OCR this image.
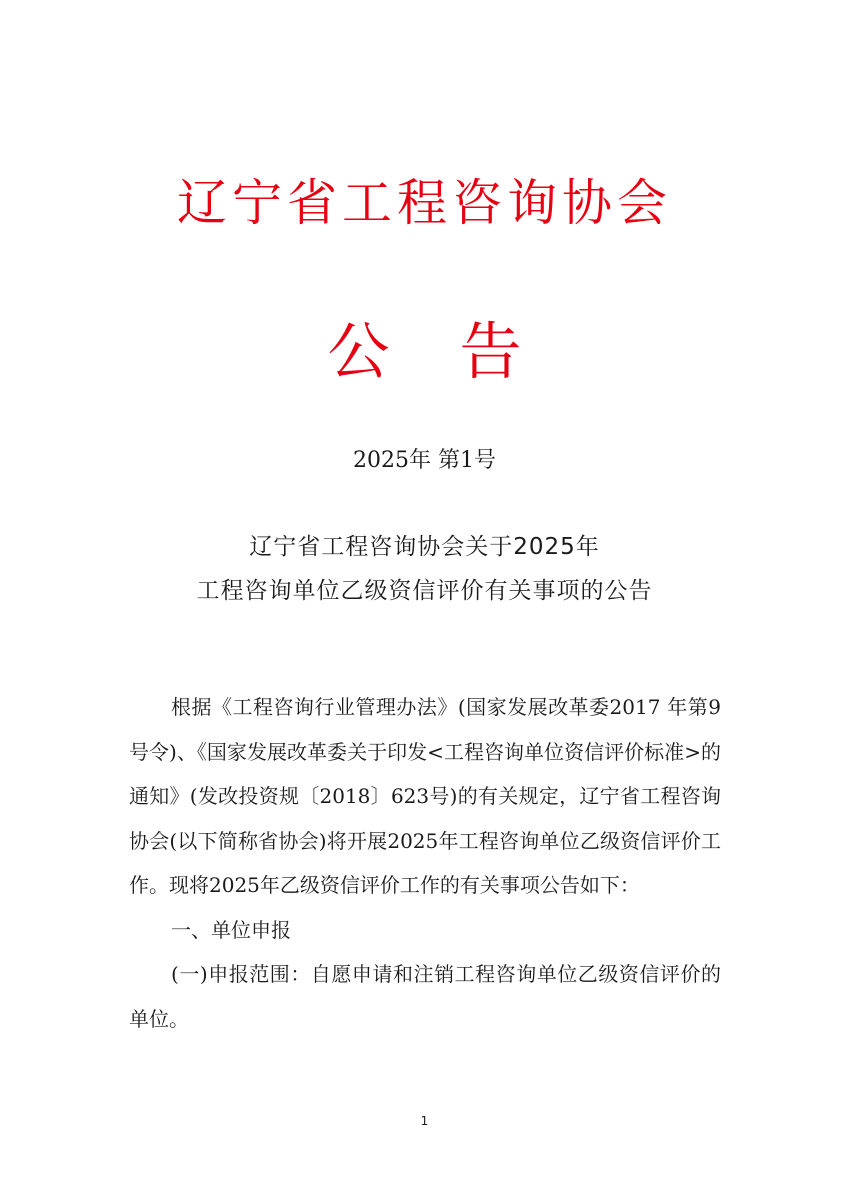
辽宁省工程咨询协会
公告
2025年 第1号
辽宁省工程咨询协会关于2025年
工程咨询单位乙级资信评价有关事项的公告

根据《工程咨询行业管理办法》(国家发展改革委2017 年第9 号令)、《国家发展改革委关于印发<工程咨询单位资信评价标准>的通知》(发改投资规〔2018〕623号)的有关规定，辽宁省工程咨询协会(以下简称省协会)将开展2025年工程咨询单位乙级资信评价工作。现将2025年乙级资信评价工作的有关事项公告如下：

一、单位申报

(一)申报范围：自愿申请和注销工程咨询单位乙级资信评价的单位。

1
